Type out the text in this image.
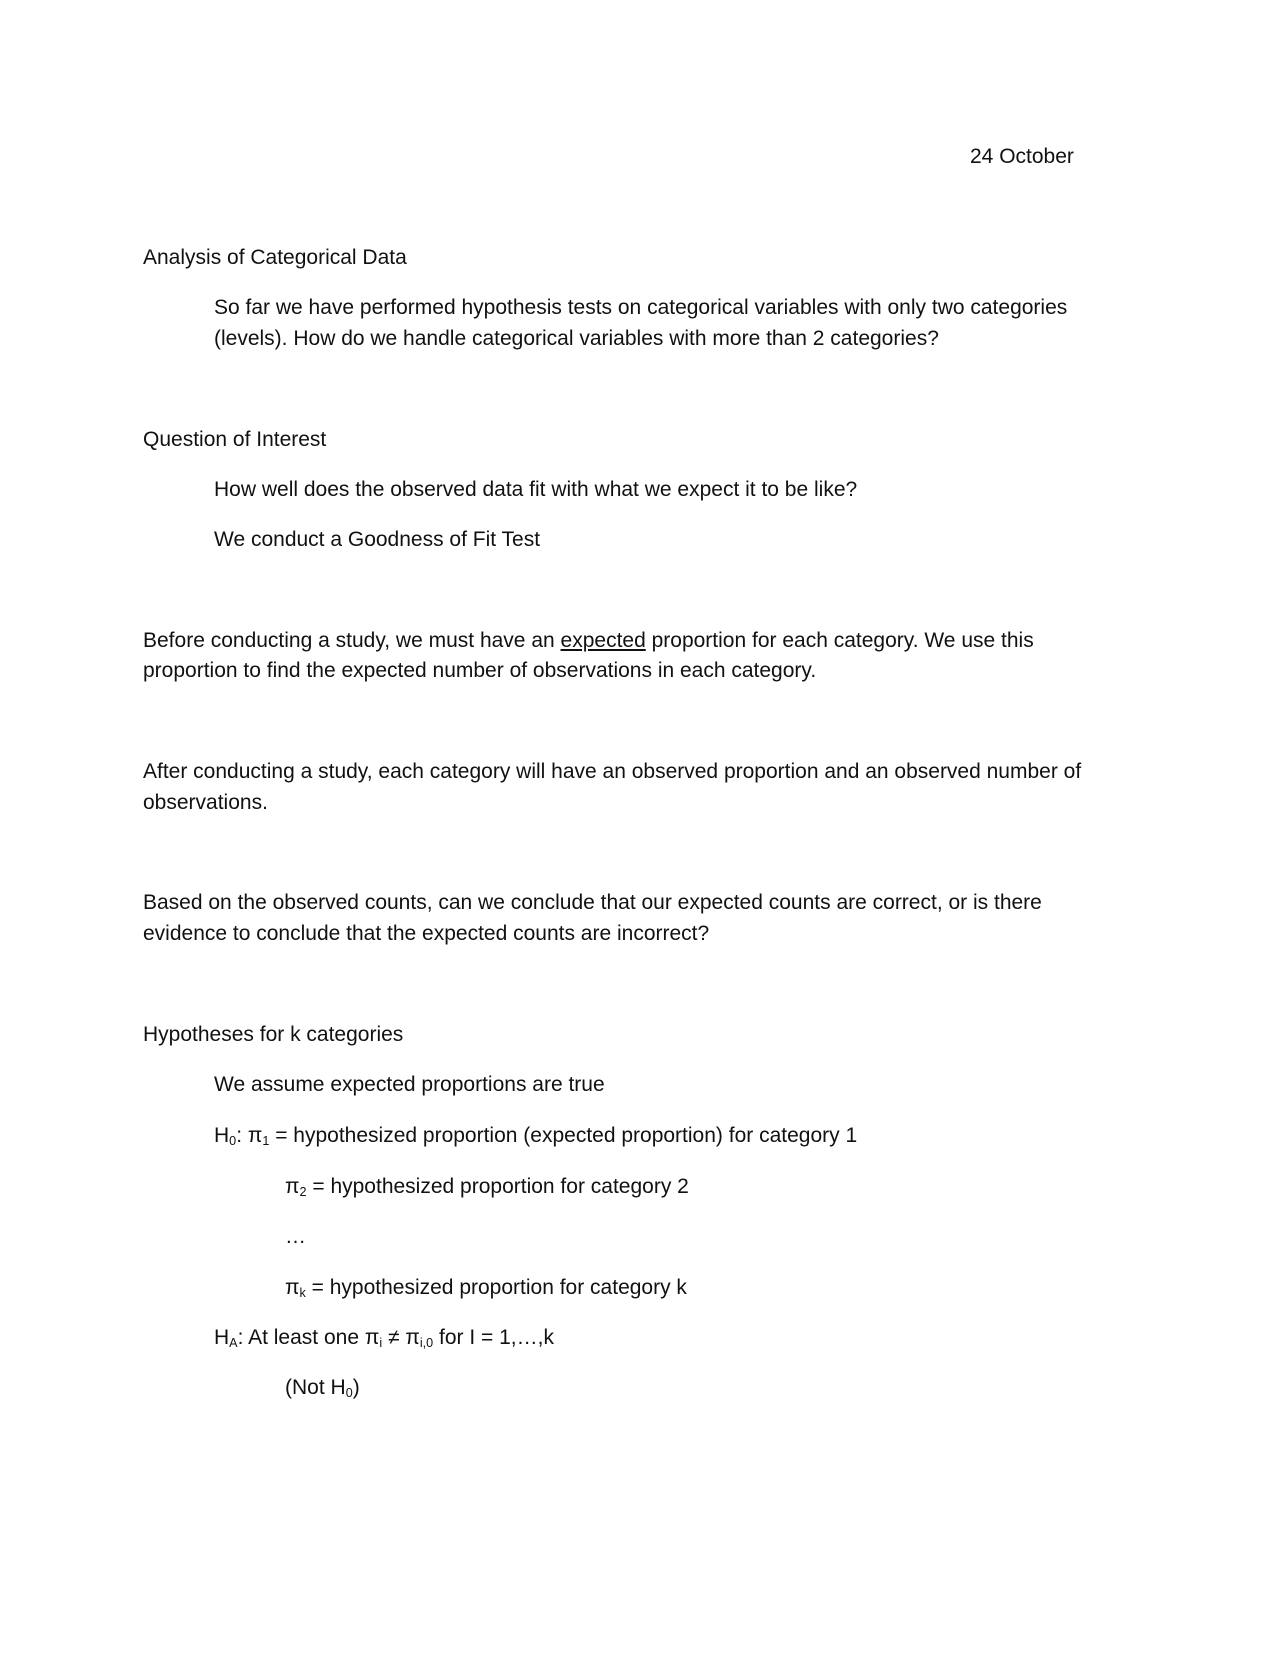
24 October

Analysis of Categorical Data

So far we have performed hypothesis tests on categorical variables with only two categories

(levels). How do we handle categorical variables with more than 2 categories?

Question of Interest

How well does the observed data fit with what we expect it to be like?

We conduct a Goodness of Fit Test

Before conducting a study, we must have an expected proportion for each category. We use this

proportion to find the expected number of observations in each category.

After conducting a study, each category will have an observed proportion and an observed number of

observations.

Based on the observed counts, can we conclude that our expected counts are correct, or is there

evidence to conclude that the expected counts are incorrect?

Hypotheses for k categories

We assume expected proportions are true

$H_0$: $\pi_1$ = hypothesized proportion (expected proportion) for category 1

$\pi_2$ = hypothesized proportion for category 2

…

$\pi_k$ = hypothesized proportion for category k

$H_A$: At least one $\pi_i \ne \pi_{i,0}$ for I = 1,…,k

(Not $H_0$)
